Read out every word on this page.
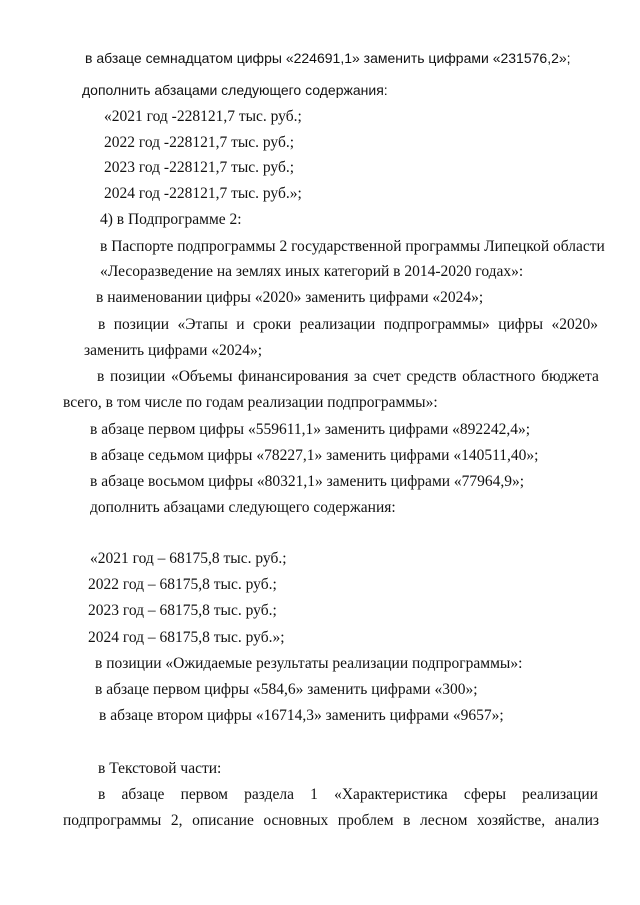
в абзаце семнадцатом цифры «224691,1» заменить цифрами «231576,2»;
дополнить абзацами следующего содержания:
«2021 год -228121,7 тыс. руб.;
2022 год -228121,7 тыс. руб.;
2023 год -228121,7 тыс. руб.;
2024 год -228121,7 тыс. руб.»;
4) в Подпрограмме 2:
в Паспорте подпрограммы 2 государственной программы Липецкой области
«Лесоразведение на землях иных категорий в 2014-2020 годах»:
в наименовании цифры «2020» заменить цифрами «2024»;
в позиции «Этапы и сроки реализации подпрограммы» цифры «2020»
заменить цифрами «2024»;
в позиции «Объемы финансирования за счет средств областного бюджета
всего, в том числе по годам реализации подпрограммы»:
в абзаце первом цифры «559611,1» заменить цифрами «892242,4»;
в абзаце седьмом цифры «78227,1» заменить цифрами «140511,40»;
в абзаце восьмом цифры «80321,1» заменить цифрами «77964,9»;
дополнить абзацами следующего содержания:
«2021 год – 68175,8 тыс. руб.;
2022 год – 68175,8 тыс. руб.;
2023 год – 68175,8 тыс. руб.;
2024 год – 68175,8 тыс. руб.»;
в позиции «Ожидаемые результаты реализации подпрограммы»:
в абзаце первом цифры «584,6» заменить цифрами «300»;
в абзаце втором цифры «16714,3» заменить цифрами «9657»;
в Текстовой части:
в абзаце первом раздела 1 «Характеристика сферы реализации
подпрограммы 2, описание основных проблем в лесном хозяйстве, анализ
